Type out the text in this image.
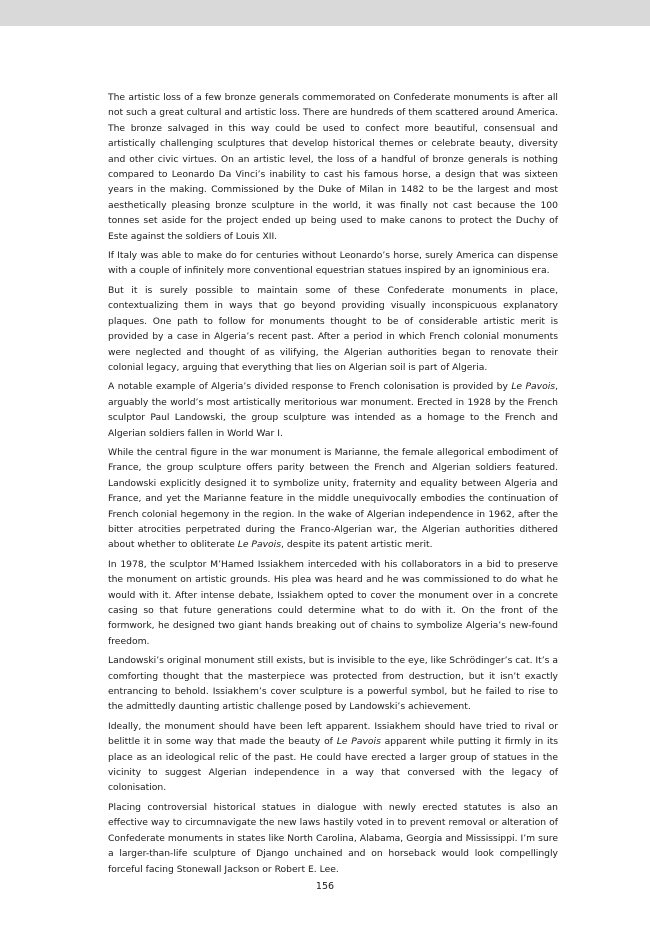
The artistic loss of a few bronze generals commemorated on Confederate monuments is after all not such a great cultural and artistic loss. There are hundreds of them scattered around America. The bronze salvaged in this way could be used to confect more beautiful, consensual and artistically challenging sculptures that develop historical themes or celebrate beauty, diversity and other civic virtues. On an artistic level, the loss of a handful of bronze generals is nothing compared to Leonardo Da Vinci’s inability to cast his famous horse, a design that was sixteen years in the making. Commissioned by the Duke of Milan in 1482 to be the largest and most aesthetically pleasing bronze sculpture in the world, it was finally not cast because the 100 tonnes set aside for the project ended up being used to make canons to protect the Duchy of Este against the soldiers of Louis XII.

If Italy was able to make do for centuries without Leonardo’s horse, surely America can dispense with a couple of infinitely more conventional equestrian statues inspired by an ignominious era.

But it is surely possible to maintain some of these Confederate monuments in place, contextualizing them in ways that go beyond providing visually inconspicuous explanatory plaques. One path to follow for monuments thought to be of considerable artistic merit is provided by a case in Algeria’s recent past. After a period in which French colonial monuments were neglected and thought of as vilifying, the Algerian authorities began to renovate their colonial legacy, arguing that everything that lies on Algerian soil is part of Algeria.

A notable example of Algeria’s divided response to French colonisation is provided by Le Pavois, arguably the world’s most artistically meritorious war monument. Erected in 1928 by the French sculptor Paul Landowski, the group sculpture was intended as a homage to the French and Algerian soldiers fallen in World War I.

While the central figure in the war monument is Marianne, the female allegorical embodiment of France, the group sculpture offers parity between the French and Algerian soldiers featured. Landowski explicitly designed it to symbolize unity, fraternity and equality between Algeria and France, and yet the Marianne feature in the middle unequivocally embodies the continuation of French colonial hegemony in the region. In the wake of Algerian independence in 1962, after the bitter atrocities perpetrated during the Franco-Algerian war, the Algerian authorities dithered about whether to obliterate Le Pavois, despite its patent artistic merit.

In 1978, the sculptor M’Hamed Issiakhem interceded with his collaborators in a bid to preserve the monument on artistic grounds. His plea was heard and he was commissioned to do what he would with it. After intense debate, Issiakhem opted to cover the monument over in a concrete casing so that future generations could determine what to do with it. On the front of the formwork, he designed two giant hands breaking out of chains to symbolize Algeria’s new-found freedom.

Landowski’s original monument still exists, but is invisible to the eye, like Schrödinger’s cat. It’s a comforting thought that the masterpiece was protected from destruction, but it isn’t exactly entrancing to behold. Issiakhem’s cover sculpture is a powerful symbol, but he failed to rise to the admittedly daunting artistic challenge posed by Landowski’s achievement.

Ideally, the monument should have been left apparent. Issiakhem should have tried to rival or belittle it in some way that made the beauty of Le Pavois apparent while putting it firmly in its place as an ideological relic of the past. He could have erected a larger group of statues in the vicinity to suggest Algerian independence in a way that conversed with the legacy of colonisation.

Placing controversial historical statues in dialogue with newly erected statutes is also an effective way to circumnavigate the new laws hastily voted in to prevent removal or alteration of Confederate monuments in states like North Carolina, Alabama, Georgia and Mississippi. I’m sure a larger-than-life sculpture of Django unchained and on horseback would look compellingly forceful facing Stonewall Jackson or Robert E. Lee.

156
